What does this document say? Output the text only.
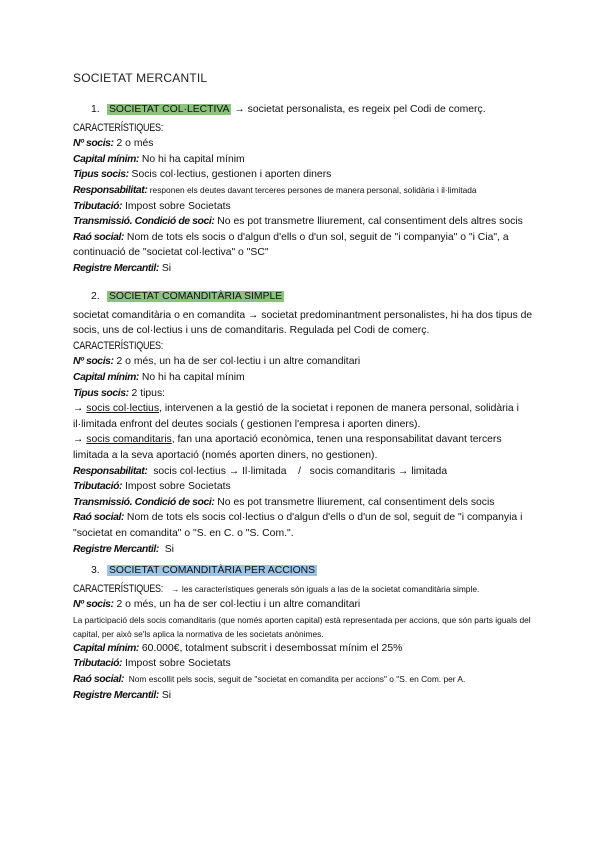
SOCIETAT MERCANTIL
1. SOCIETAT COL·LECTIVA → societat personalista, es regeix pel Codi de comerç.
CARACTERÍSTIQUES:
Nº socis: 2 o més
Capital mínim: No hi ha capital mínim
Tipus socis: Socis col·lectius, gestionen i aporten diners
Responsabilitat: responen els deutes davant terceres persones de manera personal, solidària i il·limitada
Tributació: Impost sobre Societats
Transmissió. Condició de soci: No es pot transmetre lliurement, cal consentiment dels altres socis
Raó social: Nom de tots els socis o d'algun d'ells o d'un sol, seguit de "i companyia" o "i Cia", a continuació de "societat col·lectiva" o "SC"
Registre Mercantil: Si
2. SOCIETAT COMANDITÀRIA SIMPLE
societat comanditària o en comandita → societat predominantment personalistes, hi ha dos tipus de socis, uns de col·lectius i uns de comanditaris. Regulada pel Codi de comerç.
CARACTERÍSTIQUES:
Nº socis: 2 o més, un ha de ser col·lectiu i un altre comanditari
Capital mínim: No hi ha capital mínim
Tipus socis: 2 tipus:
→ socis col·lectius, intervenen a la gestió de la societat i reponen de manera personal, solidària i il·limitada enfront del deutes socials ( gestionen l'empresa i aporten diners).
→ socis comanditaris, fan una aportació econòmica, tenen una responsabilitat davant tercers limitada a la seva aportació (només aporten diners, no gestionen).
Responsabilitat:  socis col·lectius → Il·limitada    /   socis comanditaris → limitada
Tributació: Impost sobre Societats
Transmissió. Condició de soci: No es pot transmetre lliurement, cal consentiment dels socis
Raó social: Nom de tots els socis col·lectius o d'algun d'ells o d'un de sol, seguit de "i companyia i "societat en comandita" o "S. en C. o "S. Com.".
Registre Mercantil:  Si
3. SOCIETAT COMANDITÀRIA PER ACCIONS
CARACTERÍSTIQUES: → les característiques generals són iguals a las de la societat comanditària simple.
Nº socis: 2 o més, un ha de ser col·lectiu i un altre comanditari
La participació dels socis comanditaris (que només aporten capital) està representada per accions, que són parts iguals del capital, per això se'ls aplica la normativa de les societats anònimes.
Capital mínim: 60.000€, totalment subscrit i desembossat mínim el 25%
Tributació: Impost sobre Societats
Raó social:  Nom escollit pels socis, seguit de "societat en comandita per accions" o "S. en Com. per A.
Registre Mercantil: Si
